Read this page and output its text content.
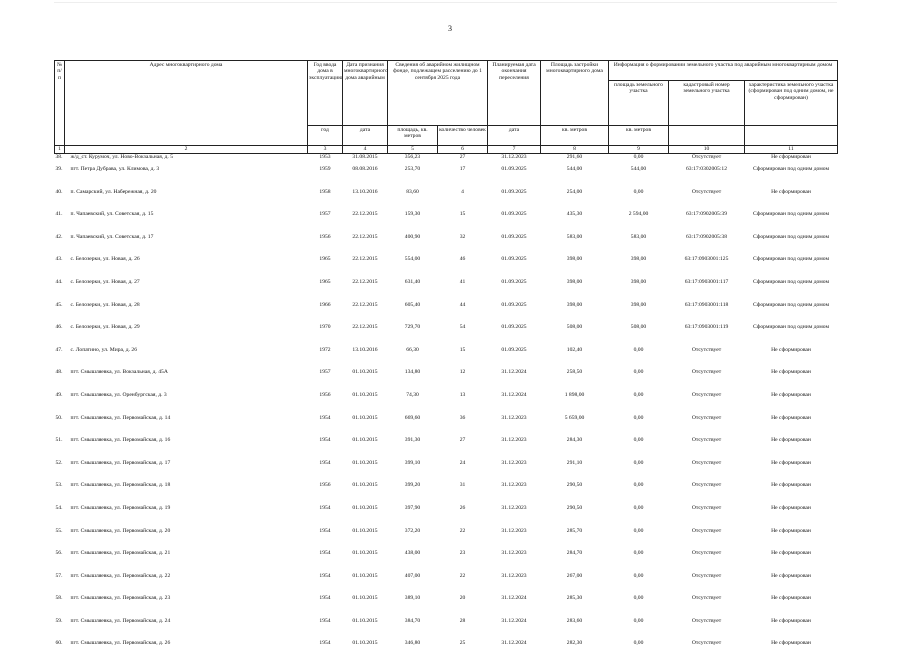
3
№ п/п	Адрес многоквартирного дома	Год ввода дома в эксплуатацию	Дата признания многоквартирного дома аварийным	Сведения об аварийном жилищном фонде, подлежащем расселению до 1 сентября 2025 года		Планируемая дата окончания переселения	Площадь застройки многоквартирного дома	Информация о формировании земельного участка под аварийным многоквартирным домом		
								площадь земельного участка	кадастровый номер земельного участка	характеристика земельного участка (сформирован под одним домом, не сформирован)
		год	дата	площадь, кв. метров	количество человек	дата	кв. метров	кв. метров		
1	2	3	4	5	6	7	8	9	10	11
38.	ж/д_ст. Курумоч, ул. Ново-Вокзальная, д. 5	1953	31.08.2015	356,23	27	31.12.2023	291,60	0,00	Отсутствует	Не сформирован
39.	пгт. Петра Дубрава, ул. Климова, д. 3	1959	08.08.2016	253,70	17	01.09.2025	544,00	544,00	63:17:0302005:12	Сформирован под одним домом
40.	п. Самарский, ул. Набережная, д. 20	1958	13.10.2016	83,60	4	01.09.2025	254,00	0,00	Отсутствует	Не сформирован
41.	п. Чапаевский, ул. Советская, д. 15	1957	22.12.2015	159,30	15	01.09.2025	435,30	2 594,00	63:17:0902005:39	Сформирован под одним домом
42.	п. Чапаевский, ул. Советская, д. 17	1956	22.12.2015	400,90	32	01.09.2025	583,00	583,00	63:17:0902005:38	Сформирован под одним домом
43.	с. Белозерки, ул. Новая, д. 26	1965	22.12.2015	554,00	46	01.09.2025	398,00	398,00	63:17:0903001:125	Сформирован под одним домом
44.	с. Белозерки, ул. Новая, д. 27	1965	22.12.2015	631,40	41	01.09.2025	398,00	398,00	63:17:0903001:117	Сформирован под одним домом
45.	с. Белозерки, ул. Новая, д. 28	1966	22.12.2015	605,40	44	01.09.2025	398,00	398,00	63:17:0903001:118	Сформирован под одним домом
46.	с. Белозерки, ул. Новая, д. 29	1970	22.12.2015	729,70	54	01.09.2025	508,00	508,00	63:17:0903001:119	Сформирован под одним домом
47.	с. Лопатино, ул. Мира, д. 26	1972	13.10.2016	66,30	15	01.09.2025	102,40	0,00	Отсутствует	Не сформирован
48.	пгт. Смышляевка, ул. Вокзальная, д. 45А	1957	01.10.2015	134,80	12	31.12.2024	258,50	0,00	Отсутствует	Не сформирован
49.	пгт. Смышляевка, ул. Оренбургская, д. 3	1956	01.10.2015	74,30	13	31.12.2024	1 898,00	0,00	Отсутствует	Не сформирован
50.	пгт. Смышляевка, ул. Первомайская, д. 14	1954	01.10.2015	669,60	36	31.12.2023	5 659,00	0,00	Отсутствует	Не сформирован
51.	пгт. Смышляевка, ул. Первомайская, д. 16	1954	01.10.2015	391,30	27	31.12.2023	284,30	0,00	Отсутствует	Не сформирован
52.	пгт. Смышляевка, ул. Первомайская, д. 17	1954	01.10.2015	399,10	24	31.12.2023	291,10	0,00	Отсутствует	Не сформирован
53.	пгт. Смышляевка, ул. Первомайская, д. 18	1956	01.10.2015	399,20	31	31.12.2023	290,50	0,00	Отсутствует	Не сформирован
54.	пгт. Смышляевка, ул. Первомайская, д. 19	1954	01.10.2015	397,90	26	31.12.2023	290,50	0,00	Отсутствует	Не сформирован
55.	пгт. Смышляевка, ул. Первомайская, д. 20	1954	01.10.2015	372,20	22	31.12.2023	285,70	0,00	Отсутствует	Не сформирован
56.	пгт. Смышляевка, ул. Первомайская, д. 21	1954	01.10.2015	438,00	23	31.12.2023	284,70	0,00	Отсутствует	Не сформирован
57.	пгт. Смышляевка, ул. Первомайская, д. 22	1954	01.10.2015	407,00	22	31.12.2023	267,00	0,00	Отсутствует	Не сформирован
58.	пгт. Смышляевка, ул. Первомайская, д. 23	1954	01.10.2015	389,10	20	31.12.2024	285,30	0,00	Отсутствует	Не сформирован
59.	пгт. Смышляевка, ул. Первомайская, д. 24	1954	01.10.2015	384,70	28	31.12.2024	283,60	0,00	Отсутствует	Не сформирован
60.	пгт. Смышляевка, ул. Первомайская, д. 26	1954	01.10.2015	346,80	25	31.12.2024	282,30	0,00	Отсутствует	Не сформирован
